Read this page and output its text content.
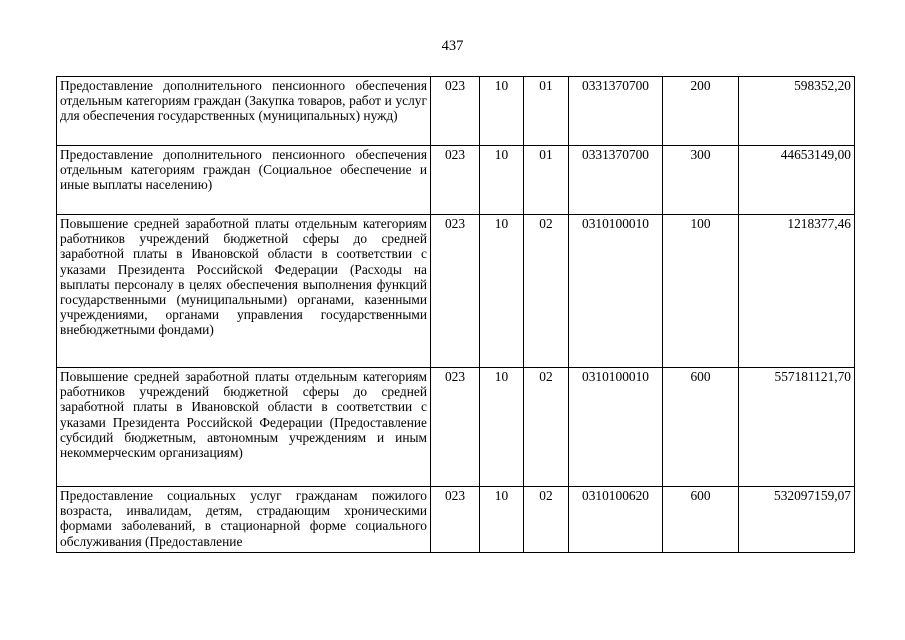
437
Предоставление дополнительного пенсионного обеспечения отдельным категориям граждан (Закупка товаров, работ и услуг для обеспечения государственных (муниципальных) нужд)	023	10	01	0331370700	200	598352,20
Предоставление дополнительного пенсионного обеспечения отдельным категориям граждан (Социальное обеспечение и иные выплаты населению)	023	10	01	0331370700	300	44653149,00
Повышение средней заработной платы отдельным категориям работников учреждений бюджетной сферы до средней заработной платы в Ивановской области в соответствии с указами Президента Российской Федерации (Расходы на выплаты персоналу в целях обеспечения выполнения функций государственными (муниципальными) органами, казенными учреждениями, органами управления государственными внебюджетными фондами)	023	10	02	0310100010	100	1218377,46
Повышение средней заработной платы отдельным категориям работников учреждений бюджетной сферы до средней заработной платы в Ивановской области в соответствии с указами Президента Российской Федерации (Предоставление субсидий бюджетным, автономным учреждениям и иным некоммерческим организациям)	023	10	02	0310100010	600	557181121,70

Предоставление социальных услуг гражданам пожилого возраста, инвалидам, детям, страдающим хроническими формами заболеваний, в стационарной форме социального обслуживания (Предоставление	023	10	02	0310100620	600	532097159,07
